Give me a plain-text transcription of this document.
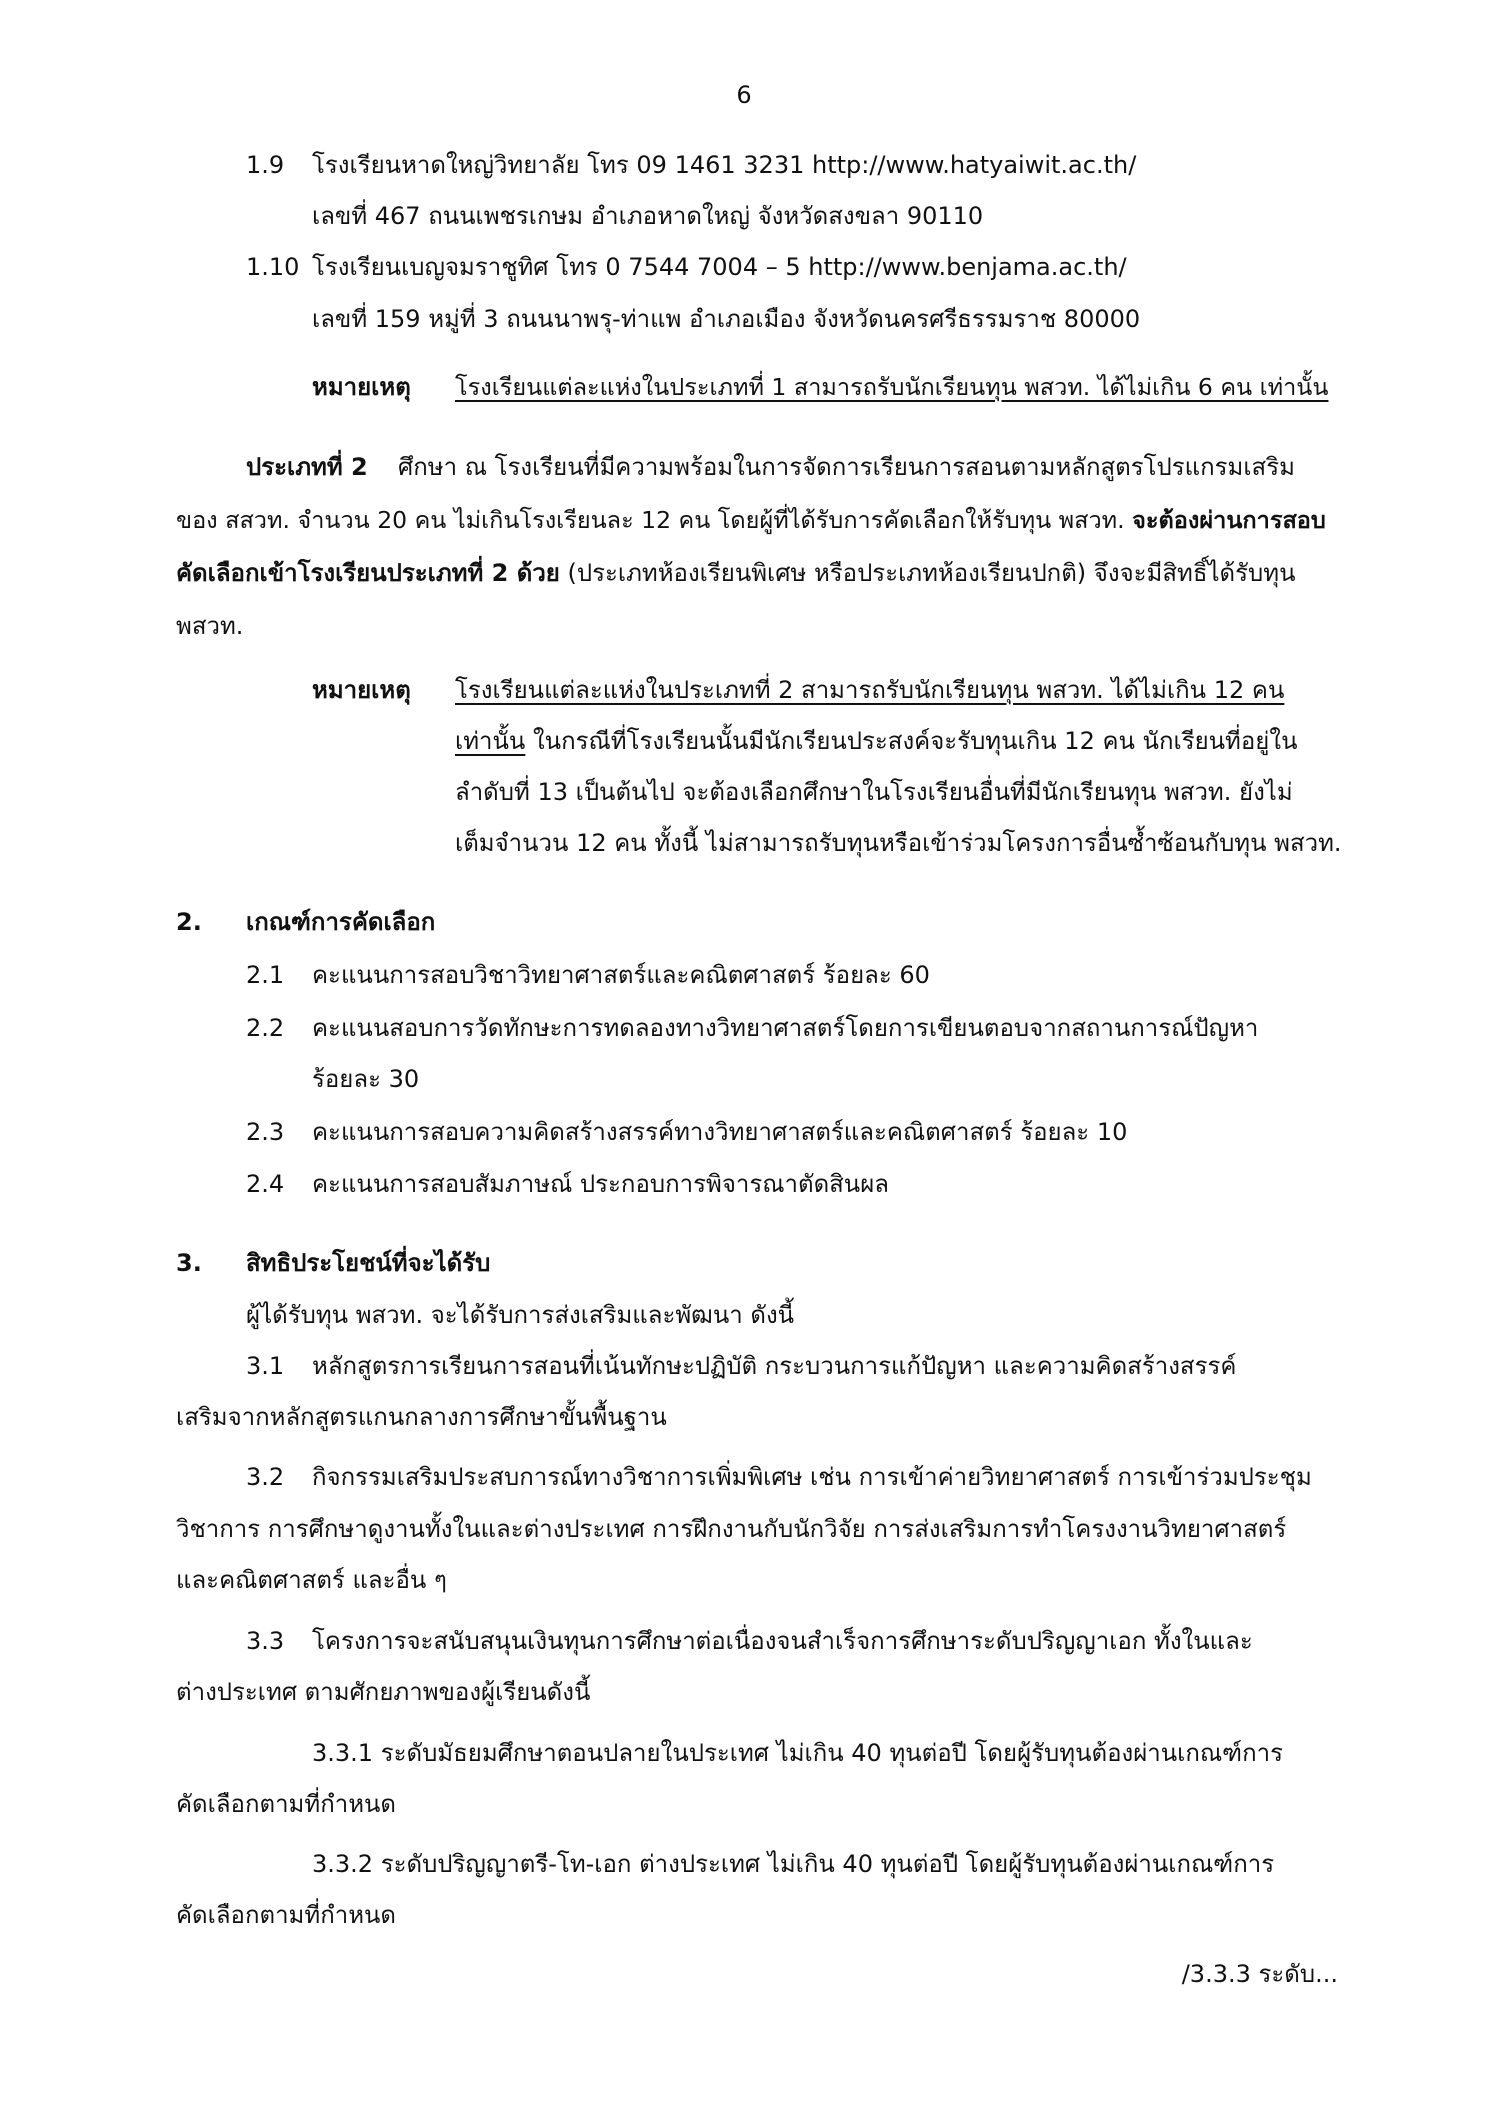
6
1.9 โรงเรียนหาดใหญ่วิทยาลัย โทร 09 1461 3231 http://www.hatyaiwit.ac.th/
เลขที่ 467 ถนนเพชรเกษม อำเภอหาดใหญ่ จังหวัดสงขลา 90110
1.10 โรงเรียนเบญจมราชูทิศ โทร 0 7544 7004 – 5 http://www.benjama.ac.th/
เลขที่ 159 หมู่ที่ 3 ถนนนาพรุ-ท่าแพ อำเภอเมือง จังหวัดนครศรีธรรมราช 80000
หมายเหตุ โรงเรียนแต่ละแห่งในประเภทที่ 1 สามารถรับนักเรียนทุน พสวท. ได้ไม่เกิน 6 คน เท่านั้น
ประเภทที่ 2 ศึกษา ณ โรงเรียนที่มีความพร้อมในการจัดการเรียนการสอนตามหลักสูตรโปรแกรมเสริม
ของ สสวท. จำนวน 20 คน ไม่เกินโรงเรียนละ 12 คน โดยผู้ที่ได้รับการคัดเลือกให้รับทุน พสวท. จะต้องผ่านการสอบ
คัดเลือกเข้าโรงเรียนประเภทที่ 2 ด้วย (ประเภทห้องเรียนพิเศษ หรือประเภทห้องเรียนปกติ) จึงจะมีสิทธิ์ได้รับทุน
พสวท.
หมายเหตุ โรงเรียนแต่ละแห่งในประเภทที่ 2 สามารถรับนักเรียนทุน พสวท. ได้ไม่เกิน 12 คน
เท่านั้น ในกรณีที่โรงเรียนนั้นมีนักเรียนประสงค์จะรับทุนเกิน 12 คน นักเรียนที่อยู่ใน
ลำดับที่ 13 เป็นต้นไป จะต้องเลือกศึกษาในโรงเรียนอื่นที่มีนักเรียนทุน พสวท. ยังไม่
เต็มจำนวน 12 คน ทั้งนี้ ไม่สามารถรับทุนหรือเข้าร่วมโครงการอื่นซ้ำซ้อนกับทุน พสวท.
2. เกณฑ์การคัดเลือก
2.1 คะแนนการสอบวิชาวิทยาศาสตร์และคณิตศาสตร์ ร้อยละ 60
2.2 คะแนนสอบการวัดทักษะการทดลองทางวิทยาศาสตร์โดยการเขียนตอบจากสถานการณ์ปัญหา
ร้อยละ 30
2.3 คะแนนการสอบความคิดสร้างสรรค์ทางวิทยาศาสตร์และคณิตศาสตร์ ร้อยละ 10
2.4 คะแนนการสอบสัมภาษณ์ ประกอบการพิจารณาตัดสินผล
3. สิทธิประโยชน์ที่จะได้รับ
ผู้ได้รับทุน พสวท. จะได้รับการส่งเสริมและพัฒนา ดังนี้
3.1 หลักสูตรการเรียนการสอนที่เน้นทักษะปฏิบัติ กระบวนการแก้ปัญหา และความคิดสร้างสรรค์
เสริมจากหลักสูตรแกนกลางการศึกษาขั้นพื้นฐาน
3.2 กิจกรรมเสริมประสบการณ์ทางวิชาการเพิ่มพิเศษ เช่น การเข้าค่ายวิทยาศาสตร์ การเข้าร่วมประชุม
วิชาการ การศึกษาดูงานทั้งในและต่างประเทศ การฝึกงานกับนักวิจัย การส่งเสริมการทำโครงงานวิทยาศาสตร์
และคณิตศาสตร์ และอื่น ๆ
3.3 โครงการจะสนับสนุนเงินทุนการศึกษาต่อเนื่องจนสำเร็จการศึกษาระดับปริญญาเอก ทั้งในและ
ต่างประเทศ ตามศักยภาพของผู้เรียนดังนี้
3.3.1 ระดับมัธยมศึกษาตอนปลายในประเทศ ไม่เกิน 40 ทุนต่อปี โดยผู้รับทุนต้องผ่านเกณฑ์การ
คัดเลือกตามที่กำหนด
3.3.2 ระดับปริญญาตรี-โท-เอก ต่างประเทศ ไม่เกิน 40 ทุนต่อปี โดยผู้รับทุนต้องผ่านเกณฑ์การ
คัดเลือกตามที่กำหนด
/3.3.3 ระดับ...
